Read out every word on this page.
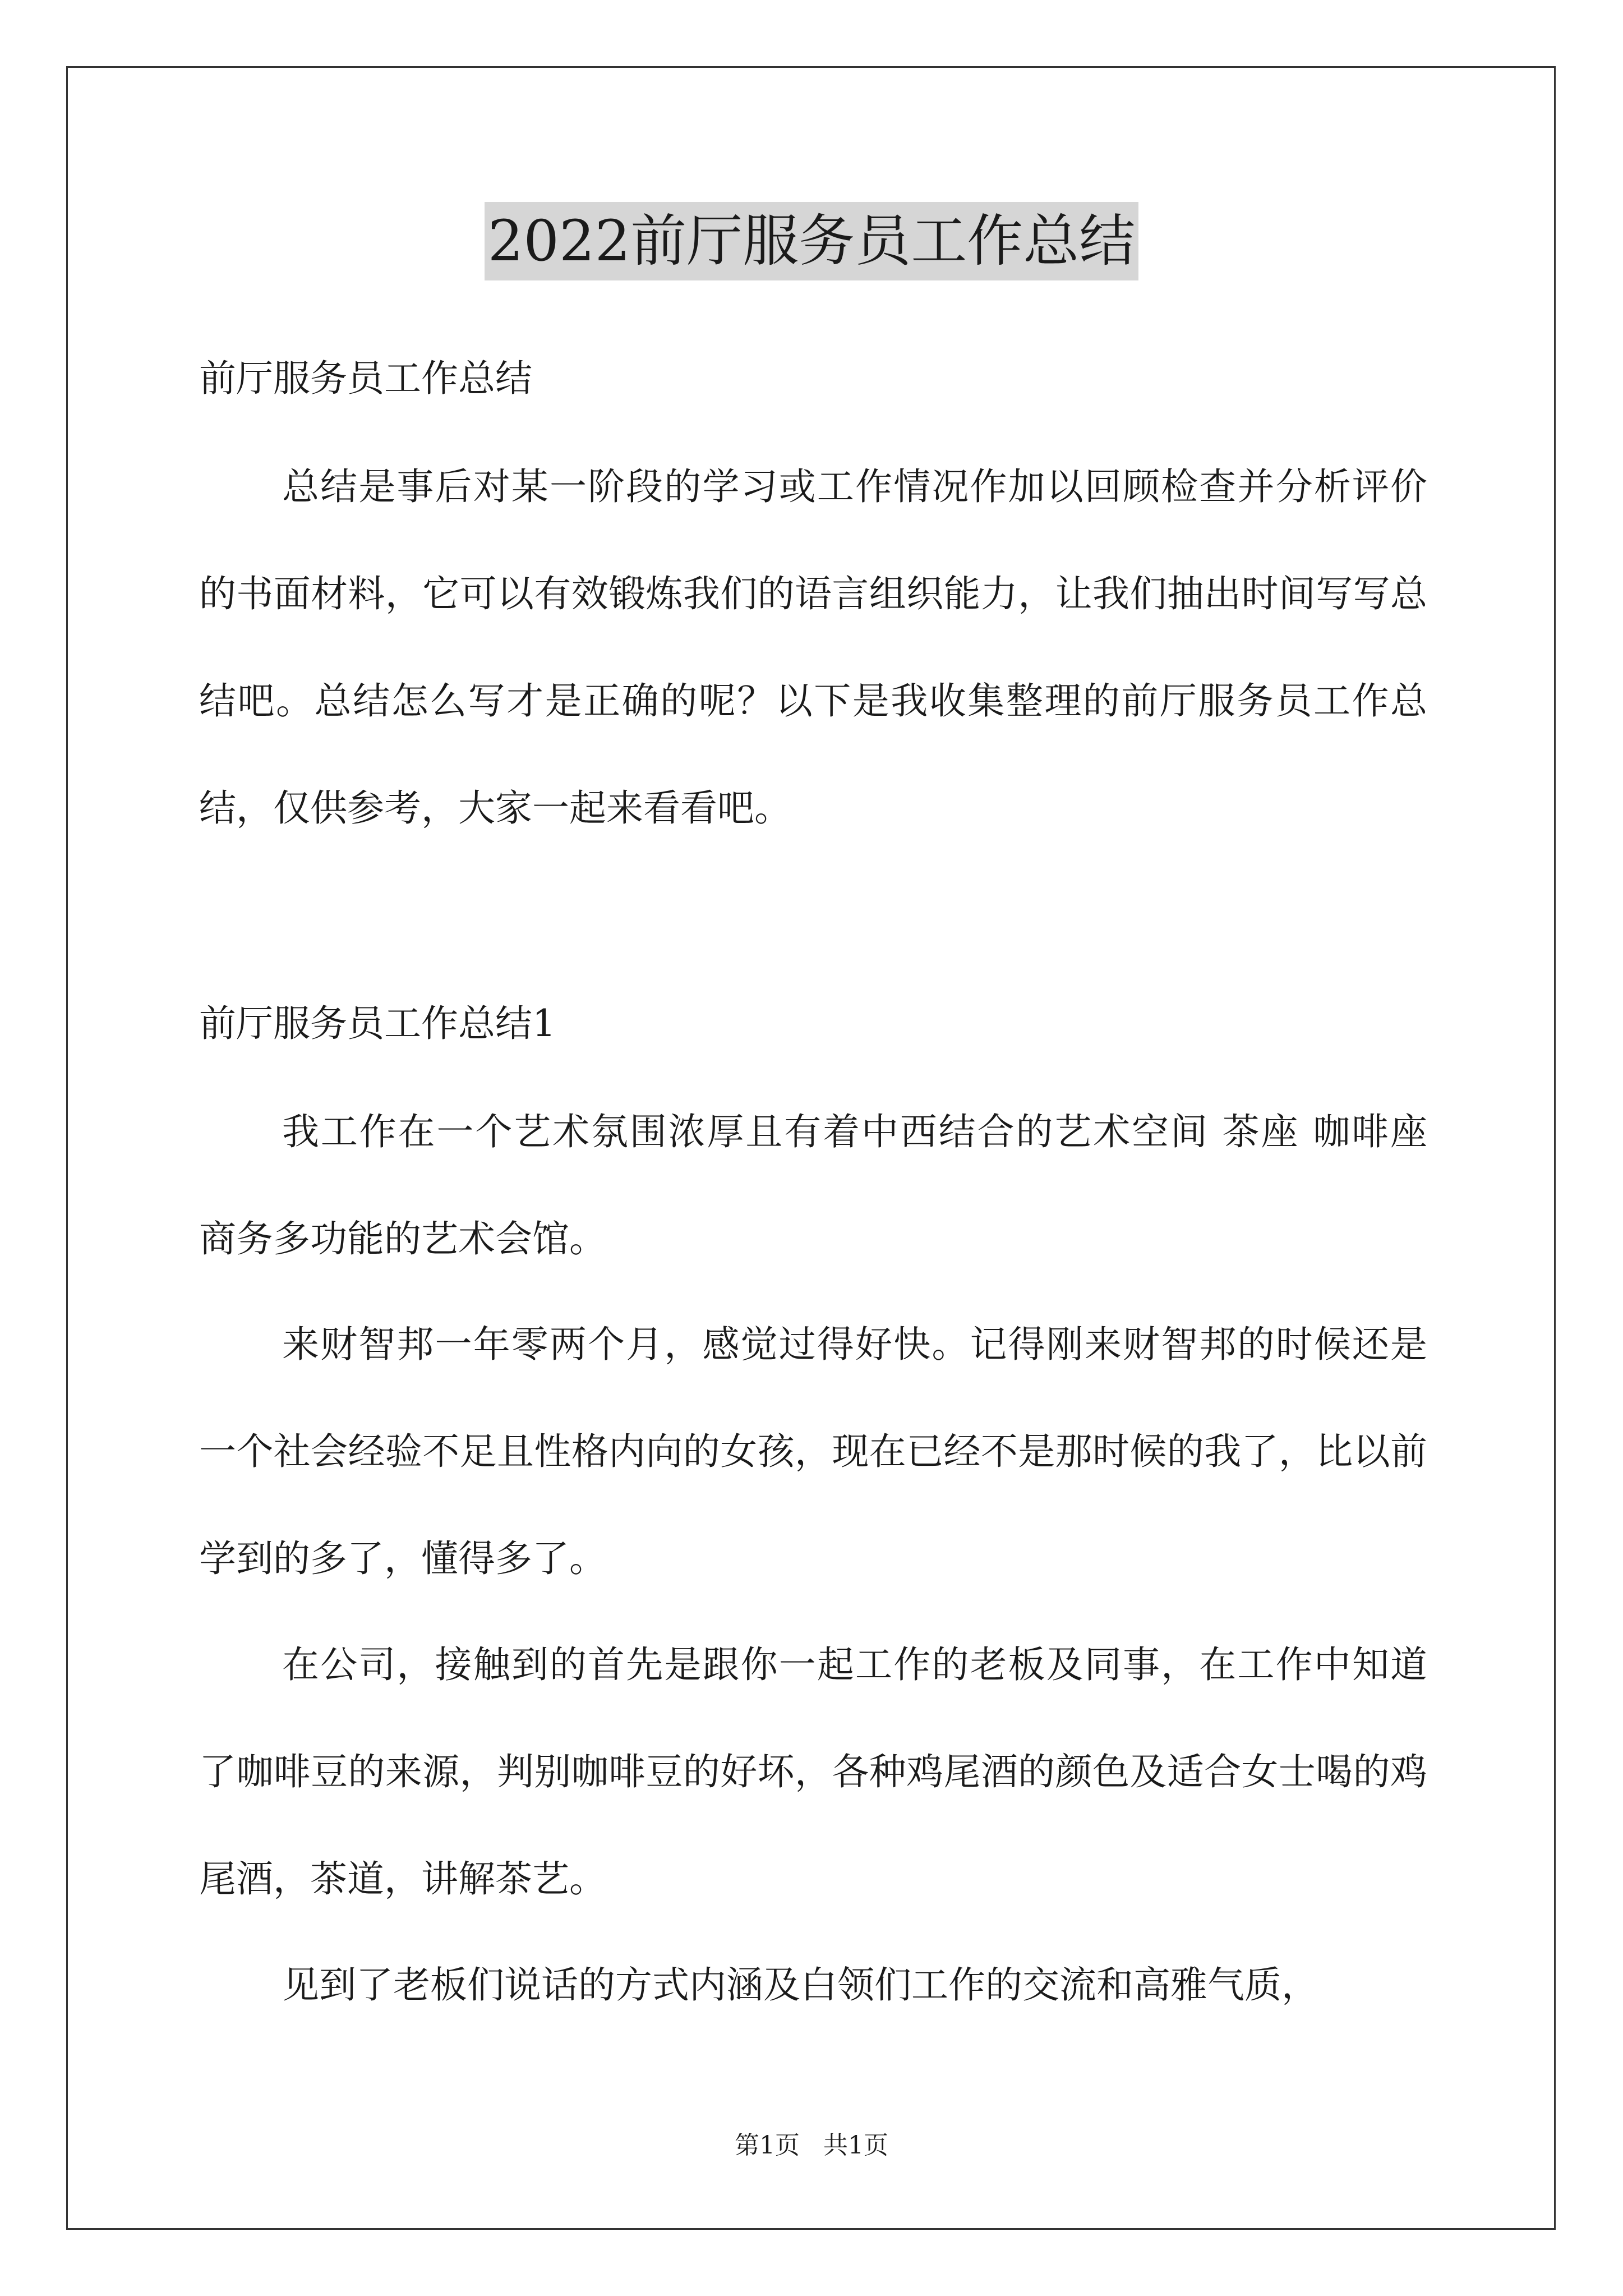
2022前厅服务员工作总结
前厅服务员工作总结

总结是事后对某一阶段的学习或工作情况作加以回顾检查并分析评价的书面材料，它可以有效锻炼我们的语言组织能力，让我们抽出时间写写总结吧。总结怎么写才是正确的呢？以下是我收集整理的前厅服务员工作总结，仅供参考，大家一起来看看吧。

前厅服务员工作总结1

我工作在一个艺术氛围浓厚且有着中西结合的艺术空间 茶座 咖啡座 商务多功能的艺术会馆。

来财智邦一年零两个月，感觉过得好快。记得刚来财智邦的时候还是一个社会经验不足且性格内向的女孩，现在已经不是那时候的我了，比以前学到的多了，懂得多了。

在公司，接触到的首先是跟你一起工作的老板及同事，在工作中知道了咖啡豆的来源，判别咖啡豆的好坏，各种鸡尾酒的颜色及适合女士喝的鸡尾酒，茶道，讲解茶艺。

见到了老板们说话的方式内涵及白领们工作的交流和高雅气质，

第1页   共1页
